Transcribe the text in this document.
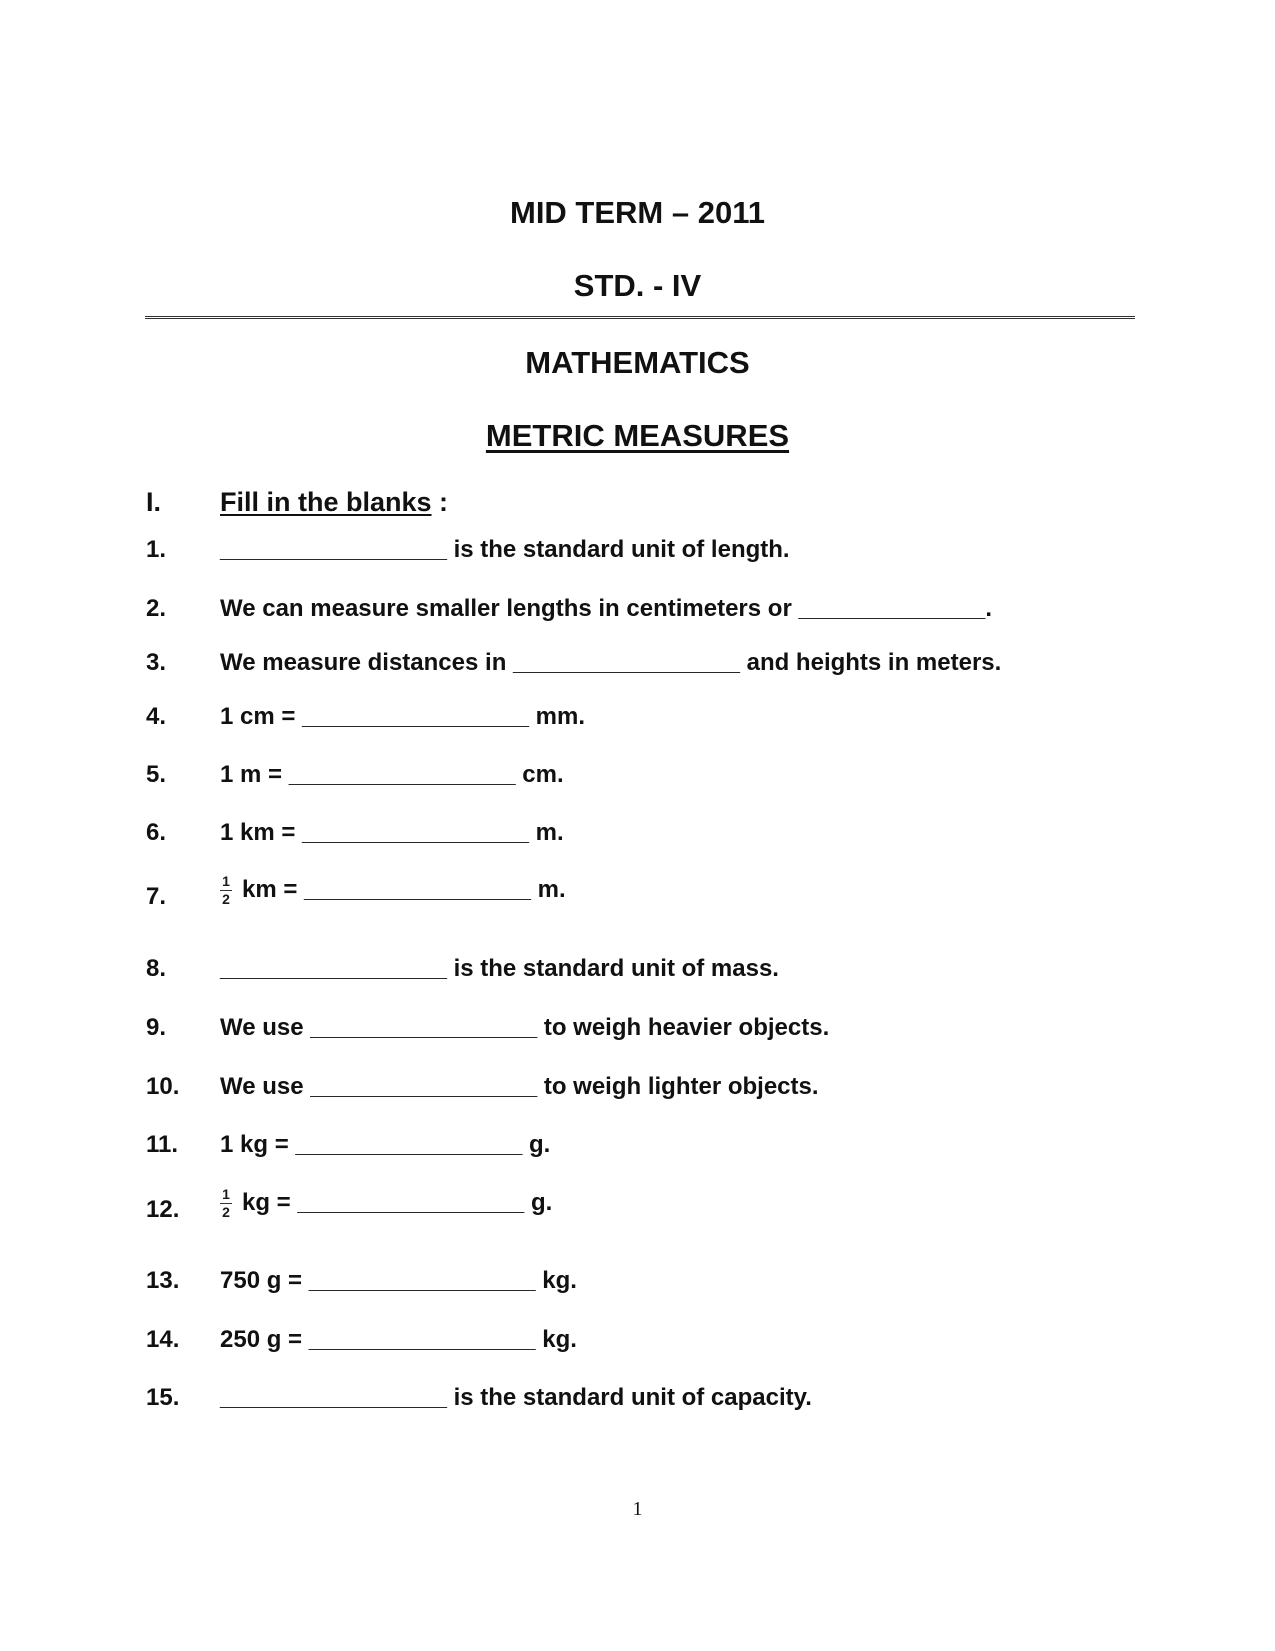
MID TERM – 2011
STD. - IV
MATHEMATICS
METRIC MEASURES
I. Fill in the blanks :
1. _________________ is the standard unit of length.
2. We can measure smaller lengths in centimeters or ______________.
3. We measure distances in _________________ and heights in meters.
4. 1 cm = _________________ mm.
5. 1 m = _________________ cm.
6. 1 km = _________________ m.
7.	$\frac{1}{2}$ km = _________________ m.
8. _________________ is the standard unit of mass.
9. We use _________________ to weigh heavier objects.
10. We use _________________ to weigh lighter objects.
11. 1 kg = _________________ g.
12.	$\frac{1}{2}$ kg = _________________ g.
13. 750 g = _________________ kg.
14. 250 g = _________________ kg.
15. _________________ is the standard unit of capacity.
1
